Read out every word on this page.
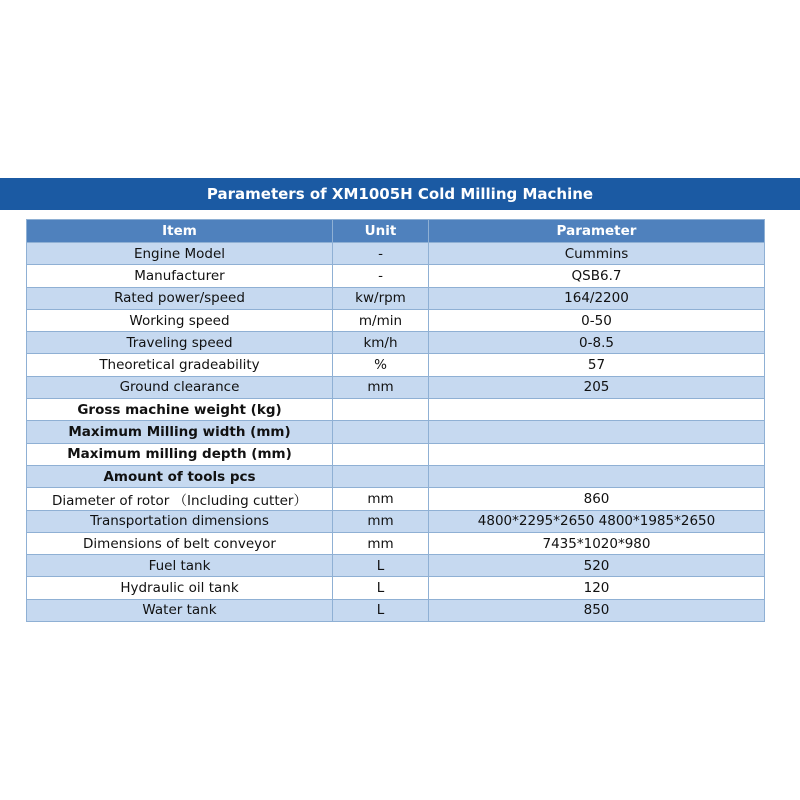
Parameters of XM1005H Cold Milling Machine
Item	Unit	Parameter
Engine Model	-	Cummins
Manufacturer	-	QSB6.7
Rated power/speed	kw/rpm	164/2200
Working speed	m/min	0-50
Traveling speed	km/h	0-8.5
Theoretical gradeability	%	57
Ground clearance	mm	205
Gross machine weight (kg)		
Maximum Milling width (mm)		
Maximum milling depth (mm)		
Amount of tools pcs		
Diameter of rotor （Including cutter）	mm	860
Transportation dimensions	mm	4800*2295*2650 4800*1985*2650
Dimensions of belt conveyor	mm	7435*1020*980
Fuel tank	L	520
Hydraulic oil tank	L	120
Water tank	L	850
